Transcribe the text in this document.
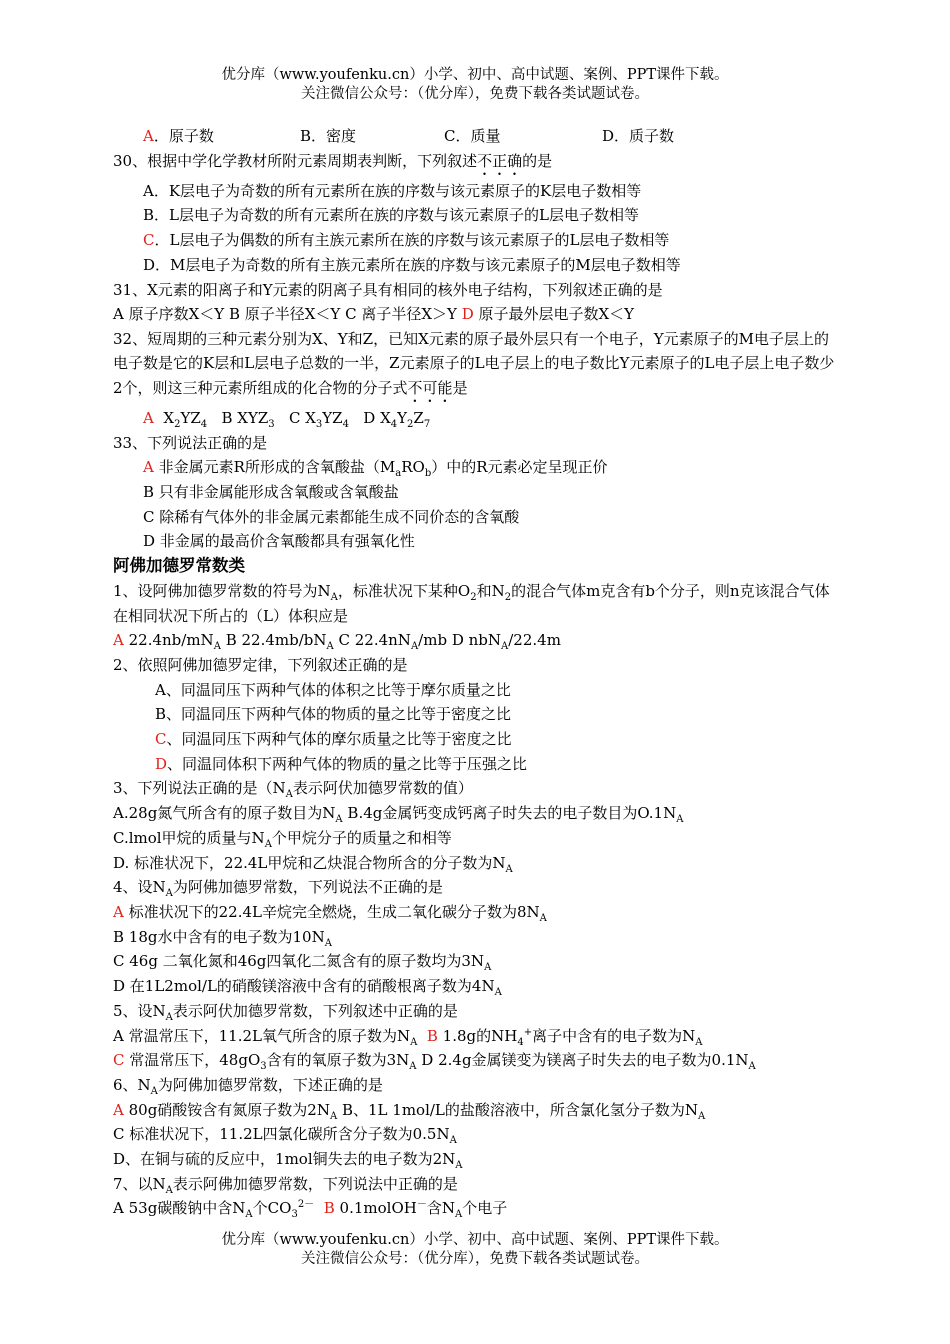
优分库（www.youfenku.cn）小学、初中、高中试题、案例、PPT课件下载。
关注微信公众号：（优分库），免费下载各类试题试卷。
A．原子数	B．密度	C．质量	D．质子数
30、根据中学化学教材所附元素周期表判断，下列叙述不正确的是
A．K层电子为奇数的所有元素所在族的序数与该元素原子的K层电子数相等
B．L层电子为奇数的所有元素所在族的序数与该元素原子的L层电子数相等
C．L层电子为偶数的所有主族元素所在族的序数与该元素原子的L层电子数相等
D．M层电子为奇数的所有主族元素所在族的序数与该元素原子的M层电子数相等
31、X元素的阳离子和Y元素的阴离子具有相同的核外电子结构，下列叙述正确的是
A 原子序数X＜Y B 原子半径X＜Y C 离子半径X＞Y D 原子最外层电子数X＜Y
32、短周期的三种元素分别为X、Y和Z，已知X元素的原子最外层只有一个电子，Y元素原子的M电子层上的电子数是它的K层和L层电子总数的一半，Z元素原子的L电子层上的电子数比Y元素原子的L电子层上电子数少2个，则这三种元素所组成的化合物的分子式不可能是
A $X_2YZ_4$ B $XYZ_3$ C $X_3YZ_4$ D $X_4Y_2Z_7$
33、下列说法正确的是
A 非金属元素R所形成的含氧酸盐$(M_aRO_b)$中的R元素必定呈现正价
B 只有非金属能形成含氧酸或含氧酸盐
C 除稀有气体外的非金属元素都能生成不同价态的含氧酸
D 非金属的最高价含氧酸都具有强氧化性
阿佛加德罗常数类
1、设阿佛加德罗常数的符号为$N_A$，标准状况下某种$O_2$和$N_2$的混合气体m克含有b个分子，则n克该混合气体在相同状况下所占的（L）体积应是
A $22.4nb/mN_A$ B $22.4mb/bN_A$ C $22.4nN_A/mb$ D nbN$_A$/22.4m
2、依照阿佛加德罗定律，下列叙述正确的是
A、同温同压下两种气体的体积之比等于摩尔质量之比
B、同温同压下两种气体的物质的量之比等于密度之比
C、同温同压下两种气体的摩尔质量之比等于密度之比
D、同温同体积下两种气体的物质的量之比等于压强之比
3、下列说法正确的是（$N_A$表示阿伏加德罗常数的值）
A.28g氮气所含有的原子数目为$N_A$ B.4g金属钙变成钙离子时失去的电子数目为$O.1N_A$
C.lmol甲烷的质量与$N_A$个甲烷分子的质量之和相等
D. 标准状况下，22.4L甲烷和乙炔混合物所含的分子数为$N_A$
4、设$N_A$为阿佛加德罗常数，下列说法不正确的是
A 标准状况下的22.4L辛烷完全燃烧，生成二氧化碳分子数为$8N_A$
B 18g水中含有的电子数为$10N_A$
C 46g 二氧化氮和46g四氧化二氮含有的原子数均为$3N_A$
D 在1L2mol/L的硝酸镁溶液中含有的硝酸根离子数为$4N_A$
5、设$N_A$表示阿伏加德罗常数，下列叙述中正确的是
A 常温常压下，11.2L氧气所含的原子数为$N_A$ B 1.8g的$NH_4^+$离子中含有的电子数为$N_A$
C 常温常压下，$48gO_3$含有的氧原子数为$3N_A$ D 2.4g金属镁变为镁离子时失去的电子数为$0.1N_A$
6、$N_A$为阿佛加德罗常数，下述正确的是
A 80g硝酸铵含有氮原子数为$2N_A$ B、1L 1mol/L的盐酸溶液中，所含氯化氢分子数为$N_A$
C 标准状况下，11.2L四氯化碳所含分子数为$0.5N_A$
D、在铜与硫的反应中，1mol铜失去的电子数为$2N_A$
7、以$N_A$表示阿佛加德罗常数，下列说法中正确的是
A 53g碳酸钠中含$N_A$个$CO_3^{2-}$ B 0.1molOH－含$N_A$个电子
优分库（www.youfenku.cn）小学、初中、高中试题、案例、PPT课件下载。
关注微信公众号：（优分库），免费下载各类试题试卷。
